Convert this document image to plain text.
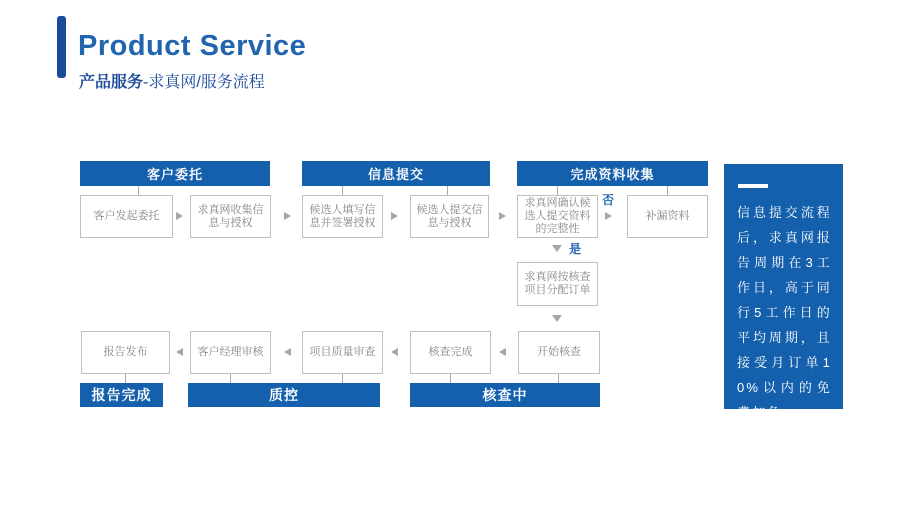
Product Service
产品服务-求真网/服务流程
客户委托	信息提交	完成资料收集
客户发起委托
求真网收集信息与授权
候选人填写信息并签署授权
候选人提交信息与授权
求真网确认候选人提交资料的完整性
否
补漏资料
是
求真网按核查项目分配订单
报告发布	客户经理审核	项目质量审查	核查完成	开始核查
报告完成	质控	核查中

信息提交流程后，求真网报告周期在3工作日，高于同行5工作日的平均周期，且接受月订单10%以内的免费加急。
